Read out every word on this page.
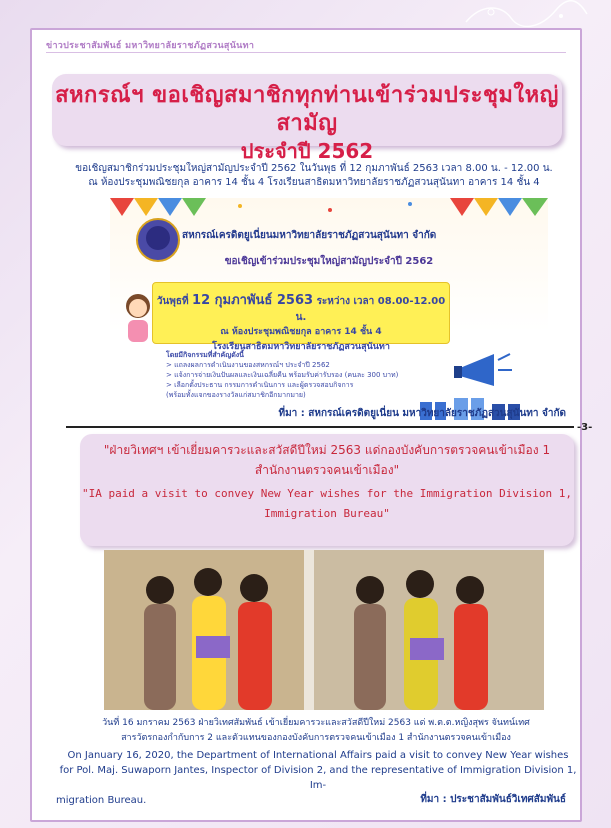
ข่าวประชาสัมพันธ์ มหาวิทยาลัยราชภัฏสวนสุนันทา
สหกรณ์ฯ ขอเชิญสมาชิกทุกท่านเข้าร่วมประชุมใหญ่สามัญ
ประจำปี 2562
ขอเชิญสมาชิกร่วมประชุมใหญ่สามัญประจำปี 2562 ในวันพุธ ที่ 12 กุมภาพันธ์ 2563 เวลา 8.00 น. - 12.00 น.
ณ ห้องประชุมพณิชยกุล อาคาร 14 ชั้น 4 โรงเรียนสาธิตมหาวิทยาลัยราชภัฏสวนสุนันทา อาคาร 14 ชั้น 4
สหกรณ์เครดิตยูเนี่ยนมหาวิทยาลัยราชภัฏสวนสุนันทา จำกัด
ขอเชิญเข้าร่วมประชุมใหญ่สามัญประจำปี 2562
วันพุธที่ 12 กุมภาพันธ์ 2563 ระหว่าง เวลา 08.00-12.00 น.
ณ ห้องประชุมพณิชยกุล อาคาร 14 ชั้น 4
โรงเรียนสาธิตมหาวิทยาลัยราชภัฏสวนสุนันทา
โดยมีกิจกรรมที่สำคัญดังนี้
> แถลงผลการดำเนินงานของสหกรณ์ฯ ประจำปี 2562
> แจ้งการจ่ายเงินปันผลและเงินเฉลี่ยคืน พร้อมรับค่ารับรอง (คนละ 300 บาท)
> เลือกตั้งประธาน กรรมการดำเนินการ และผู้ตรวจสอบกิจการ
(พร้อมทั้งแจกของรางวัลแก่สมาชิกอีกมากมาย)
ที่มา : สหกรณ์เครดิตยูเนี่ยน มหาวิทยาลัยราชภัฏสวนสุนันทา จำกัด
-3-
"ฝ่ายวิเทศฯ เข้าเยี่ยมคารวะและสวัสดีปีใหม่ 2563 แด่กองบังคับการตรวจคนเข้าเมือง 1
สำนักงานตรวจคนเข้าเมือง"
"IA paid a visit to convey New Year wishes for the Immigration Division 1,
Immigration Bureau"
วันที่ 16 มกราคม 2563 ฝ่ายวิเทศสัมพันธ์ เข้าเยี่ยมคารวะและสวัสดีปีใหม่ 2563 แด่ พ.ต.ต.หญิงสุพร จันทน์เทศ
สารวัตรกองกำกับการ 2 และตัวแทนของกองบังคับการตรวจคนเข้าเมือง 1 สำนักงานตรวจคนเข้าเมือง
On January 16, 2020, the Department of International Affairs paid a visit to convey New Year wishes
for Pol. Maj. Suwaporn Jantes, Inspector of Division 2, and the representative of Immigration Division 1, Im-
migration Bureau.	ที่มา : ประชาสัมพันธ์วิเทศสัมพันธ์
